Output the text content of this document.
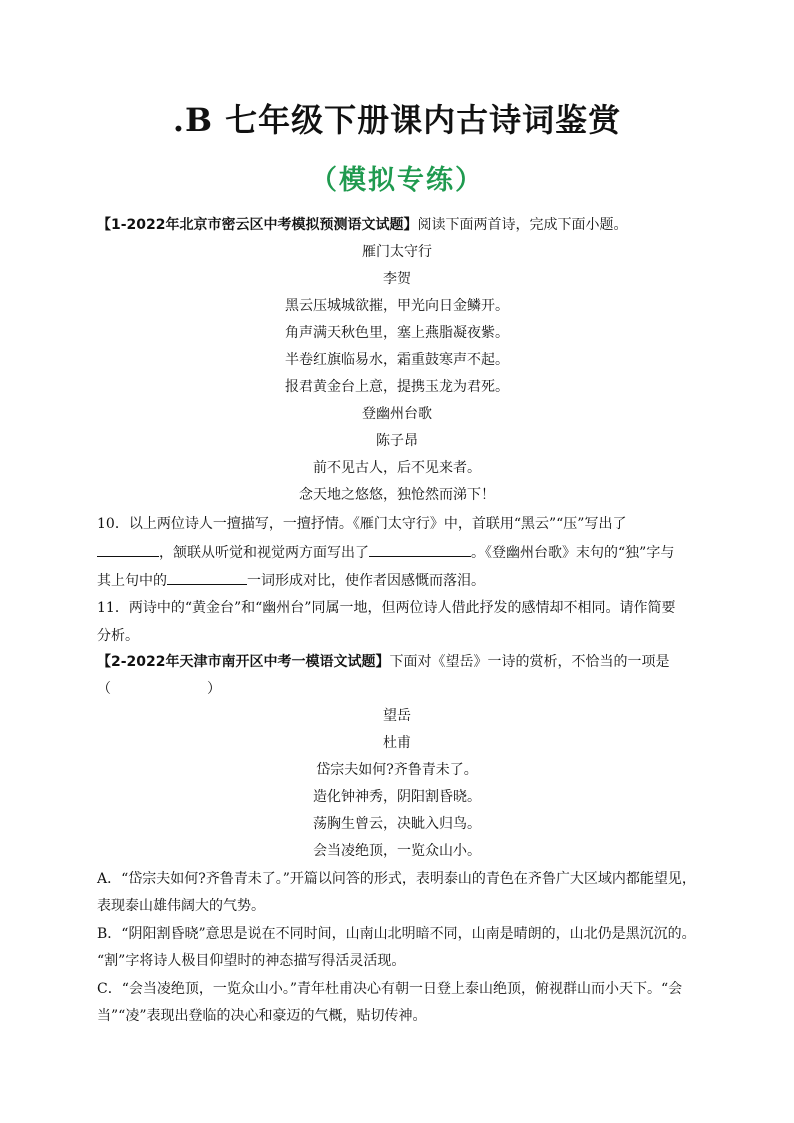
.B 七年级下册课内古诗词鉴赏
（模拟专练）
【1-2022年北京市密云区中考模拟预测语文试题】阅读下面两首诗，完成下面小题。
雁门太守行
李贺
黑云压城城欲摧，甲光向日金鳞开。
角声满天秋色里，塞上燕脂凝夜紫。
半卷红旗临易水，霜重鼓寒声不起。
报君黄金台上意，提携玉龙为君死。
登幽州台歌
陈子昂
前不见古人，后不见来者。
念天地之悠悠，独怆然而涕下！
10．以上两位诗人一擅描写，一擅抒情。《雁门太守行》中，首联用“黑云”“压”写出了
，颔联从听觉和视觉两方面写出了	。《登幽州台歌》末句的“独”字与
其上句中的	一词形成对比，使作者因感慨而落泪。
11．两诗中的“黄金台”和“幽州台”同属一地，但两位诗人借此抒发的感情却不相同。请作简要
分析。
【2-2022年天津市南开区中考一模语文试题】下面对《望岳》一诗的赏析，不恰当的一项是
（	）
望岳
杜甫
岱宗夫如何?齐鲁青未了。
造化钟神秀，阴阳割昏晓。
荡胸生曾云，决眦入归鸟。
会当凌绝顶，一览众山小。
A．“岱宗夫如何?齐鲁青未了。”开篇以问答的形式，表明泰山的青色在齐鲁广大区域内都能望见，
表现泰山雄伟阔大的气势。
B．“阴阳割昏晓”意思是说在不同时间，山南山北明暗不同，山南是晴朗的，山北仍是黑沉沉的。
“割”字将诗人极目仰望时的神态描写得活灵活现。
C．“会当凌绝顶，一览众山小。”青年杜甫决心有朝一日登上泰山绝顶，俯视群山而小天下。“会
当”“凌”表现出登临的决心和豪迈的气概，贴切传神。
